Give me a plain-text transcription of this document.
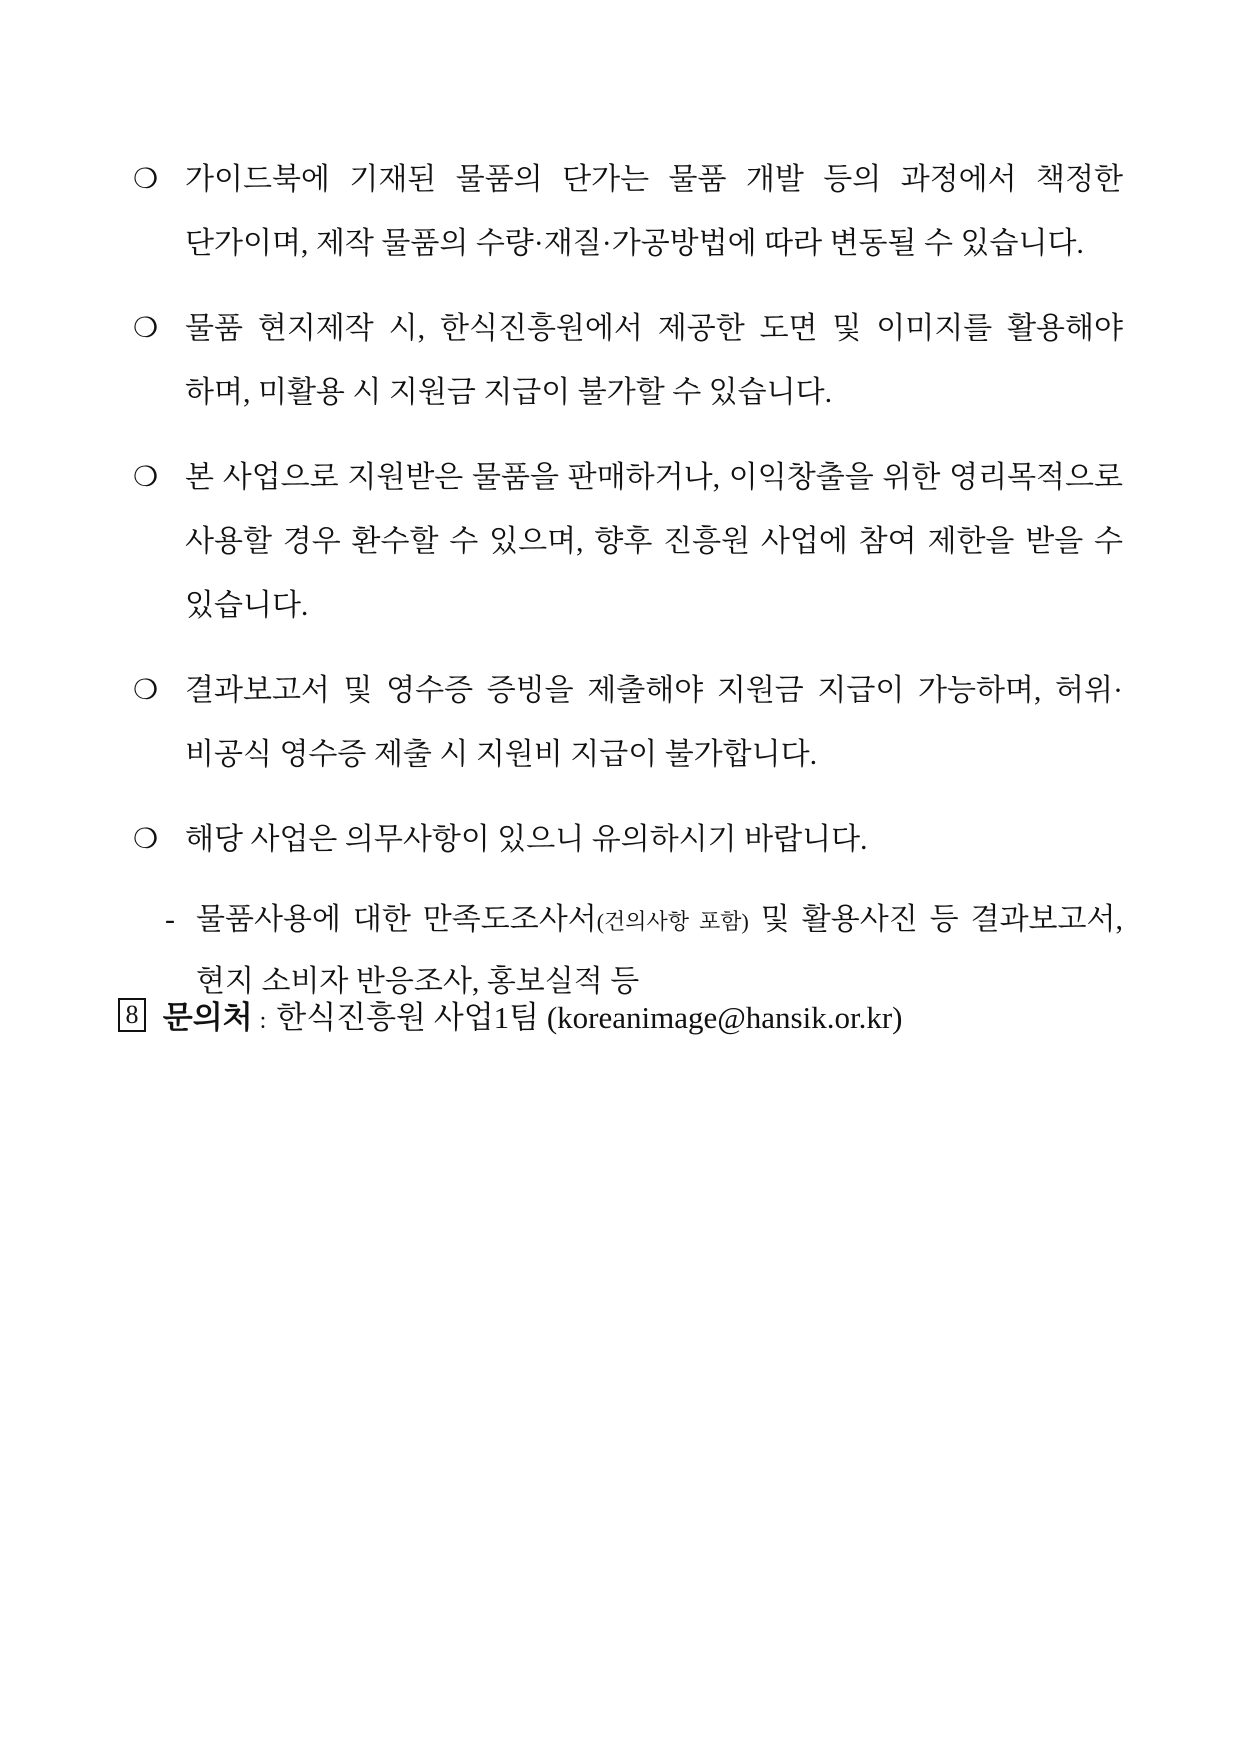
❍ 가이드북에 기재된 물품의 단가는 물품 개발 등의 과정에서 책정한 단가이며, 제작 물품의 수량·재질·가공방법에 따라 변동될 수 있습니다.
❍ 물품 현지제작 시, 한식진흥원에서 제공한 도면 및 이미지를 활용해야 하며, 미활용 시 지원금 지급이 불가할 수 있습니다.
❍ 본 사업으로 지원받은 물품을 판매하거나, 이익창출을 위한 영리목적으로 사용할 경우 환수할 수 있으며, 향후 진흥원 사업에 참여 제한을 받을 수 있습니다.
❍ 결과보고서 및 영수증 증빙을 제출해야 지원금 지급이 가능하며, 허위·비공식 영수증 제출 시 지원비 지급이 불가합니다.
❍ 해당 사업은 의무사항이 있으니 유의하시기 바랍니다.
- 물품사용에 대한 만족도조사서(건의사항 포함) 및 활용사진 등 결과보고서, 현지 소비자 반응조사, 홍보실적 등
8 문의처 : 한식진흥원 사업1팀 (koreanimage@hansik.or.kr)
